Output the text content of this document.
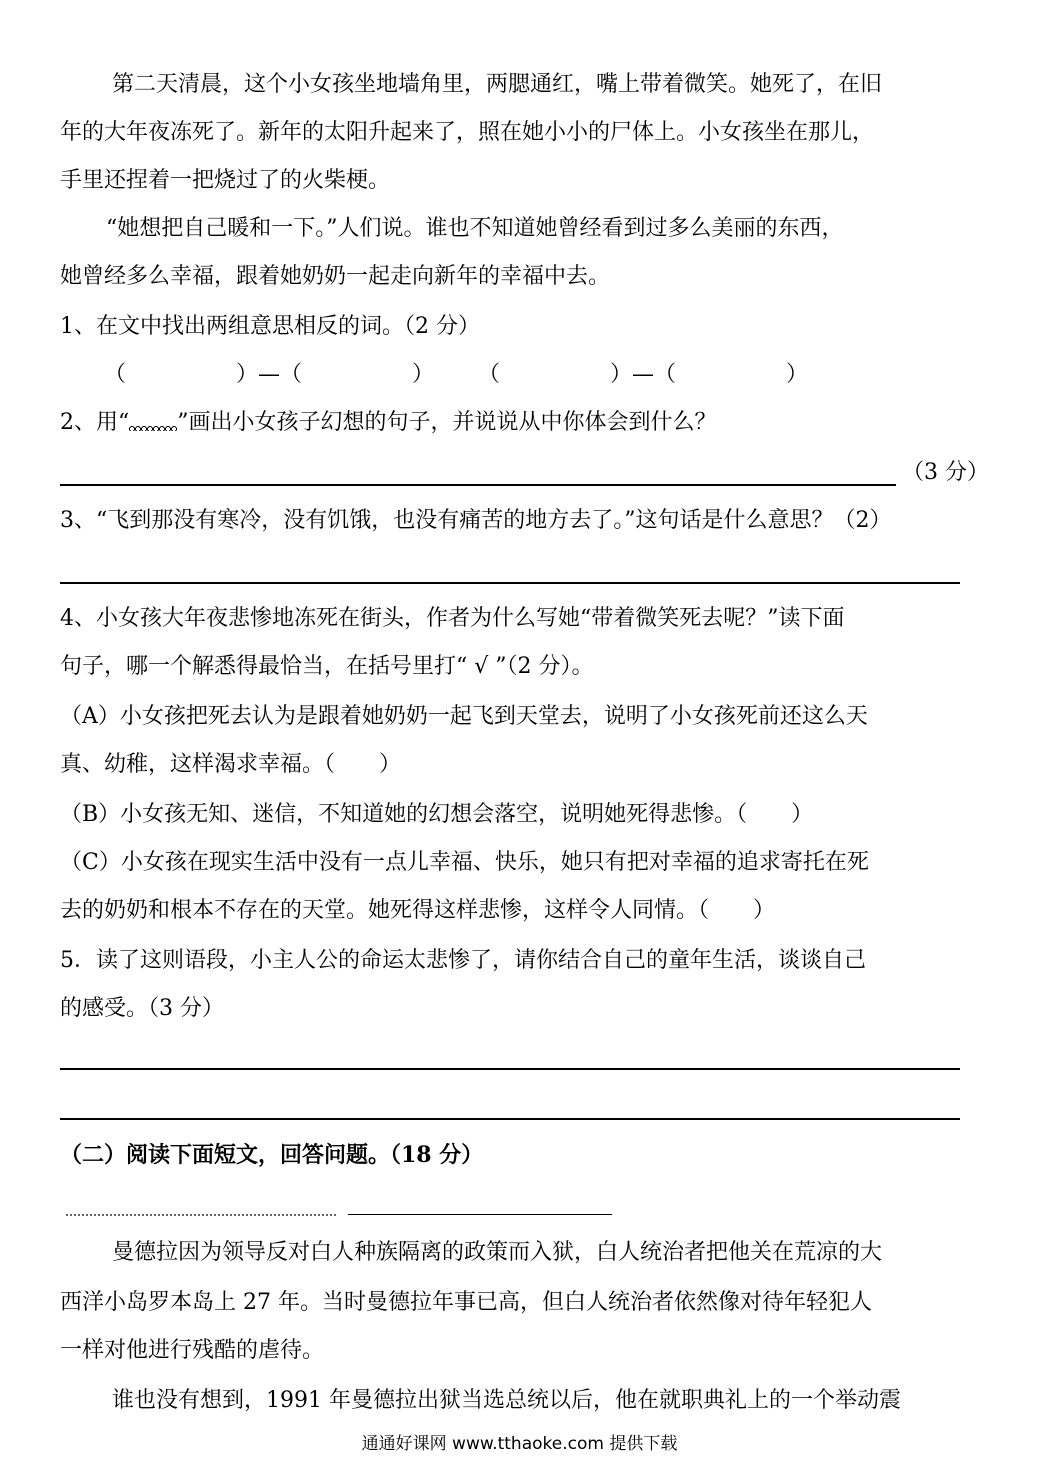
第二天清晨，这个小女孩坐地墙角里，两腮通红，嘴上带着微笑。她死了，在旧
年的大年夜冻死了。新年的太阳升起来了，照在她小小的尸体上。小女孩坐在那儿，
手里还捏着一把烧过了的火柴梗。
“她想把自己暖和一下。”人们说。谁也不知道她曾经看到过多么美丽的东西，
她曾经多么幸福，跟着她奶奶一起走向新年的幸福中去。
1、在文中找出两组意思相反的词。（2 分）
（　　　　　）—（　　　　　）　　　（　　　　　）—（　　　　　）
2、用“ ”画出小女孩子幻想的句子，并说说从中你体会到什么？
（3 分）
3、“飞到那没有寒冷，没有饥饿，也没有痛苦的地方去了。”这句话是什么意思？（2）
4、小女孩大年夜悲惨地冻死在街头，作者为什么写她“带着微笑死去呢？”读下面
句子，哪一个解悉得最恰当，在括号里打“ √ ”（2 分）。
（A）小女孩把死去认为是跟着她奶奶一起飞到天堂去，说明了小女孩死前还这么天
真、幼稚，这样渴求幸福。（　　）
（B）小女孩无知、迷信，不知道她的幻想会落空，说明她死得悲惨。（　　）
（C）小女孩在现实生活中没有一点儿幸福、快乐，她只有把对幸福的追求寄托在死
去的奶奶和根本不存在的天堂。她死得这样悲惨，这样令人同情。（　　）
5．读了这则语段，小主人公的命运太悲惨了，请你结合自己的童年生活，谈谈自己
的感受。（3 分）
（二）阅读下面短文，回答问题。（18 分）
曼德拉因为领导反对白人种族隔离的政策而入狱，白人统治者把他关在荒凉的大
西洋小岛罗本岛上 27 年。当时曼德拉年事已高，但白人统治者依然像对待年轻犯人
一样对他进行残酷的虐待。
谁也没有想到，1991 年曼德拉出狱当选总统以后，他在就职典礼上的一个举动震
通通好课网 www.tthaoke.com 提供下载
